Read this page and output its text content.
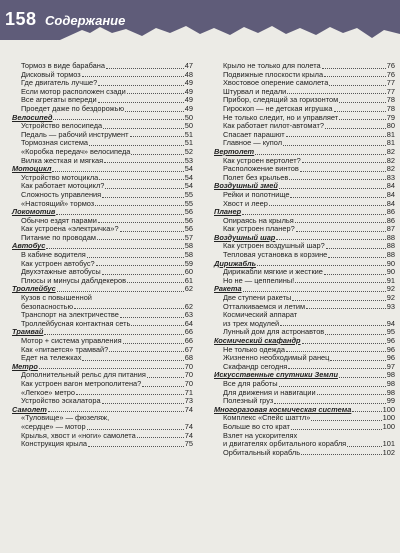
158 Содержание
Тормоз в виде барабана	47
Дисковый тормоз	48
Где двигатель лучше?	49
Если мотор расположен сзади	49
Все агрегаты впереди	49
Проедет даже по бездорожью	49
Велосипед	50
Устройство велосипеда	50
Педаль — рабочий инструмент	51
Тормозная система	51
«Коробка передач» велосипеда	52
Вилка жесткая и мягкая	53
Мотоцикл	54
Устройство мотоцикла	54
Как работает мотоцикл?	54
Сложность управления	55
«Настоящий» тормоз	55
Локомотив	56
Обычно ездят парами	56
Как устроена «электричка»?	56
Питание по проводам	57
Автобус	58
В кабине водителя	58
Как устроен автобус?	59
Двухэтажные автобусы	60
Плюсы и минусы даблдекеров	61
Троллейбус	62
Кузов с повышенной
безопасностью	62
Транспорт на электричестве	63
Троллейбусная контактная сеть	64
Трамвай	66
Мотор + система управления	66
Как «питается» трамвай?	67
Едет на тележках	68
Метро	70
Дополнительный рельс для питания	70
Как устроен вагон метрополитена?	70
«Легкое» метро	71
Устройство эскалатора	73
Самолет	74
«Туловище» — фюзеляж,
«сердце» — мотор	74
Крылья, хвост и «ноги» самолета	74
Конструкция крыла	75
Крыло не только для полета	76
Подвижные плоскости крыла	76
Хвостовое оперение самолета	77
Штурвал и педали	77
Прибор, следящий за горизонтом	78
Гироскоп — не детская игрушка	78
Не только следит, но и управляет	79
Как работает пилот-автомат?	80
Спасает парашют	81
Главное — купол	81
Вертолет	82
Как устроен вертолет?	82
Расположение винтов	82
Полет без крыльев	83
Воздушный змей	84
Рейки и полотнище	84
Хвост и леер	84
Планер	86
Опираясь на крылья	86
Как устроен планер?	87
Воздушный шар	88
Как устроен воздушный шар?	88
Тепловая установка в корзине	88
Дирижабль	90
Дирижабли мягкие и жесткие	90
Но не — цеппелины!	91
Ракета	92
Две ступени ракеты	92
Отталкиваемся и летим	93
Космический аппарат
из трех модулей	94
Лунный дом для астронавтов	95
Космический скафандр	96
Не только одежда	96
Жизненно необходимый ранец	96
Скафандр сегодня	97
Искусственные спутники Земли	98
Все для работы	98
Для движения и навигации	98
Полезный груз	99
Многоразовая космическая система	100
Комплекс «Спейс шаттл»	100
Больше во сто крат	100
Взлет на ускорителях
и двигателях орбитального корабля	101
Орбитальный корабль	102
